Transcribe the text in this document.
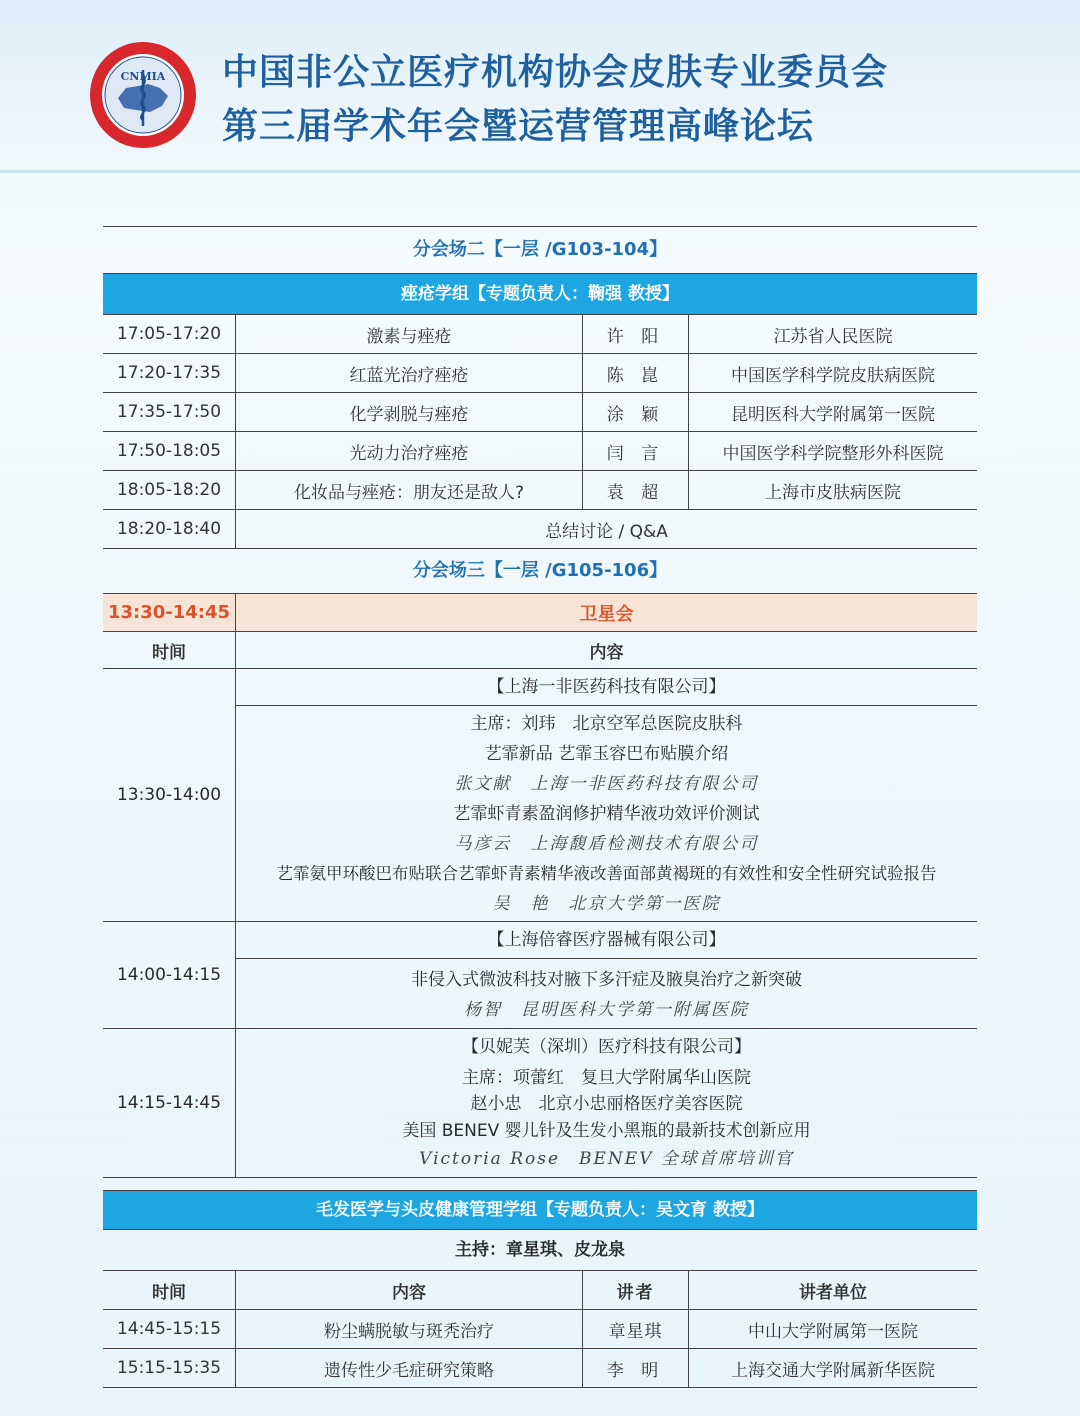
CNMIA 中国非公立医疗机构协会皮肤专业委员会
第三届学术年会暨运营管理高峰论坛
分会场二【一层 /G103-104】
痤疮学组【专题负责人：鞠强 教授】
17:05-17:20	激素与痤疮	许 阳	江苏省人民医院
17:20-17:35	红蓝光治疗痤疮	陈 崑	中国医学科学院皮肤病医院
17:35-17:50	化学剥脱与痤疮	涂 颖	昆明医科大学附属第一医院
17:50-18:05	光动力治疗痤疮	闫 言	中国医学科学院整形外科医院
18:05-18:20	化妆品与痤疮：朋友还是敌人?	袁 超	上海市皮肤病医院
18:20-18:40	总结讨论 / Q&A
分会场三【一层 /G105-106】
13:30-14:45	卫星会
时间	内容
13:30-14:00
【上海一非医药科技有限公司】
主席：刘玮　北京空军总医院皮肤科
艺霏新品 艺霏玉容巴布贴膜介绍
张文献　上海一非医药科技有限公司
艺霏虾青素盈润修护精华液功效评价测试
马彦云　上海馥盾检测技术有限公司
艺霏氨甲环酸巴布贴联合艺霏虾青素精华液改善面部黄褐斑的有效性和安全性研究试验报告
吴　艳　北京大学第一医院
14:00-14:15
【上海倍睿医疗器械有限公司】
非侵入式微波科技对腋下多汗症及腋臭治疗之新突破
杨智　昆明医科大学第一附属医院
14:15-14:45
【贝妮芙（深圳）医疗科技有限公司】
主席：项蕾红　复旦大学附属华山医院
赵小忠　北京小忠丽格医疗美容医院
美国 BENEV 婴儿针及生发小黑瓶的最新技术创新应用
Victoria Rose　BENEV 全球首席培训官
毛发医学与头皮健康管理学组【专题负责人：吴文育 教授】
主持：章星琪、皮龙泉
时间	内容	讲者	讲者单位
14:45-15:15	粉尘螨脱敏与斑秃治疗	章星琪	中山大学附属第一医院
15:15-15:35	遗传性少毛症研究策略	李 明	上海交通大学附属新华医院
